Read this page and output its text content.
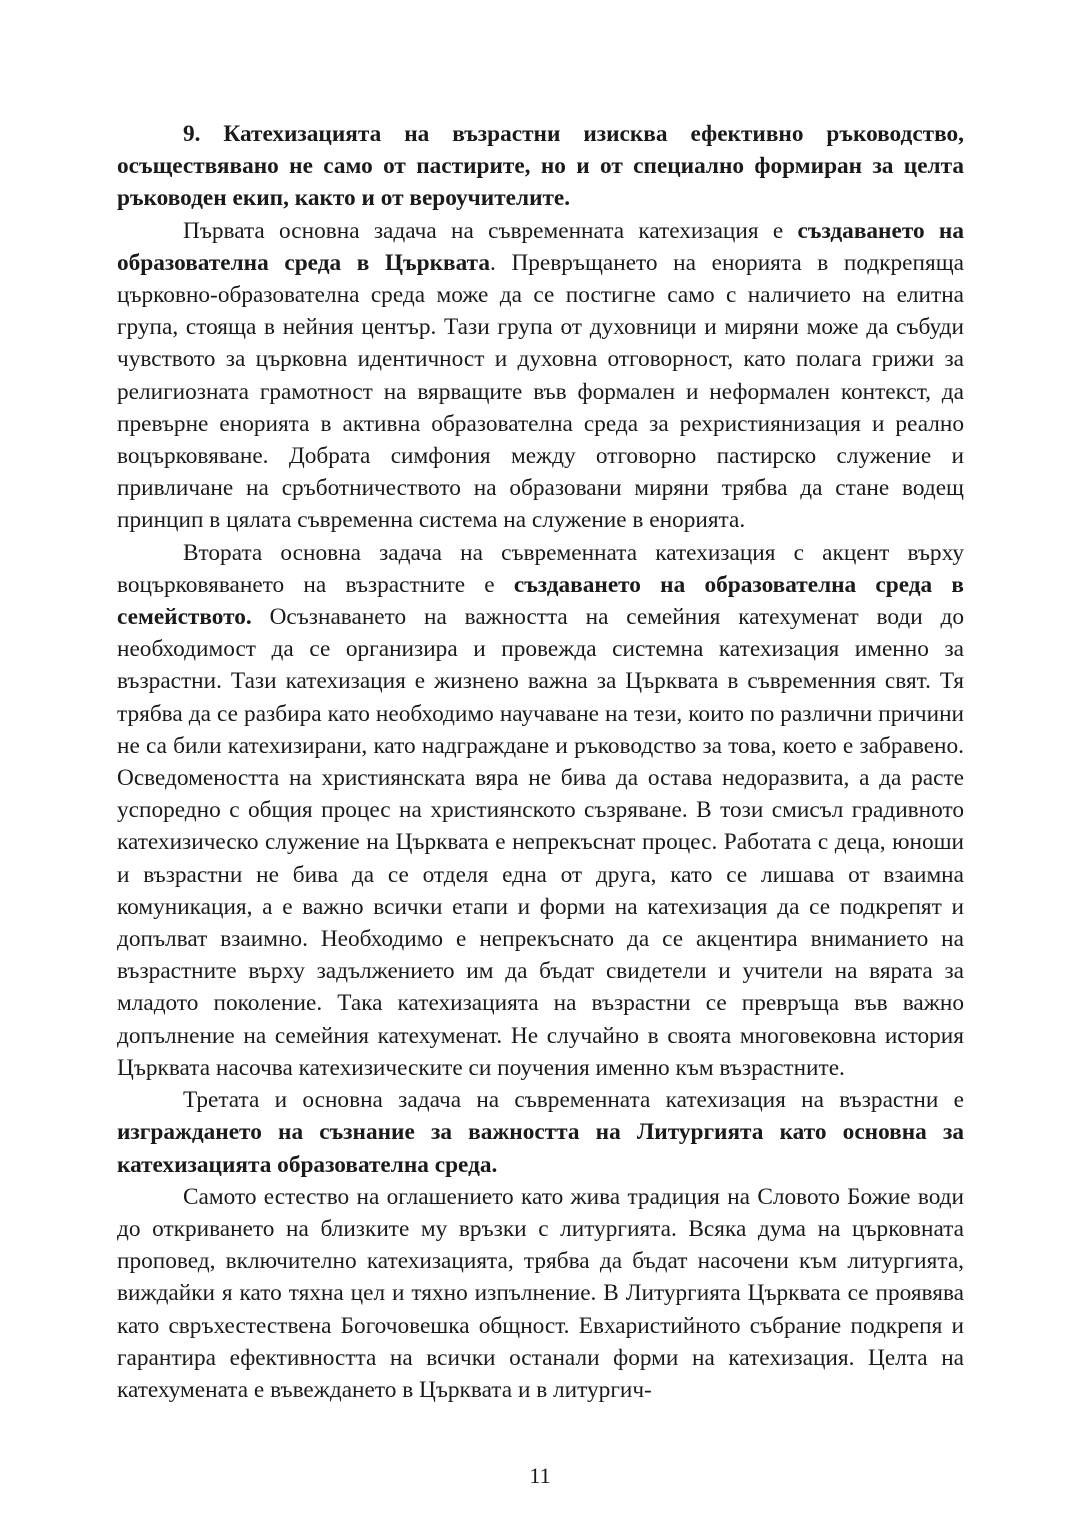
9. Катехизацията на възрастни изисква ефективно ръководство, осъществявано не само от пастирите, но и от специално формиран за целта ръководен екип, както и от вероучителите.

Първата основна задача на съвременната катехизация е създаването на образователна среда в Църквата. Превръщането на енорията в подкрепяща църковно-образователна среда може да се постигне само с наличието на елитна група, стояща в нейния център. Тази група от духовници и миряни може да събуди чувството за църковна идентичност и духовна отговорност, като полага грижи за религиозната грамотност на вярващите във формален и неформален контекст, да превърне енорията в активна образователна среда за рехристиянизация и реално воцърковяване. Добрата симфония между отговорно пастирско служение и привличане на сръботничеството на образовани миряни трябва да стане водещ принцип в цялата съвременна система на служение в енорията.

Втората основна задача на съвременната катехизация с акцент върху воцърковяването на възрастните е създаването на образователна среда в семейството. Осъзнаването на важността на семейния катехуменат води до необходимост да се организира и провежда системна катехизация именно за възрастни. Тази катехизация е жизнено важна за Църквата в съвременния свят. Тя трябва да се разбира като необходимо научаване на тези, които по различни причини не са били катехизирани, като надграждане и ръководство за това, което е забравено. Осведомеността на християнската вяра не бива да остава недоразвита, а да расте успоредно с общия процес на християнското съзряване. В този смисъл градивното катехизическо служение на Църквата е непрекъснат процес. Работата с деца, юноши и възрастни не бива да се отделя една от друга, като се лишава от взаимна комуникация, а е важно всички етапи и форми на катехизация да се подкрепят и допълват взаимно. Необходимо е непрекъснато да се акцентира вниманието на възрастните върху задължението им да бъдат свидетели и учители на вярата за младото поколение. Така катехизацията на възрастни се превръща във важно допълнение на семейния катехуменат. Не случайно в своята многовековна история Църквата насочва катехизическите си поучения именно към възрастните.

Третата и основна задача на съвременната катехизация на възрастни е изграждането на съзнание за важността на Литургията като основна за катехизацията образователна среда.

Самото естество на оглашението като жива традиция на Словото Божие води до откриването на близките му връзки с литургията. Всяка дума на църковната проповед, включително катехизацията, трябва да бъдат насочени към литургията, виждайки я като тяхна цел и тяхно изпълнение. В Литургията Църквата се проявява като свръхестествена Богочовешка общност. Евхаристийното събрание подкрепя и гарантира ефективността на всички останали форми на катехизация. Целта на катехумената е въвеждането в Църквата и в литургич-

11
